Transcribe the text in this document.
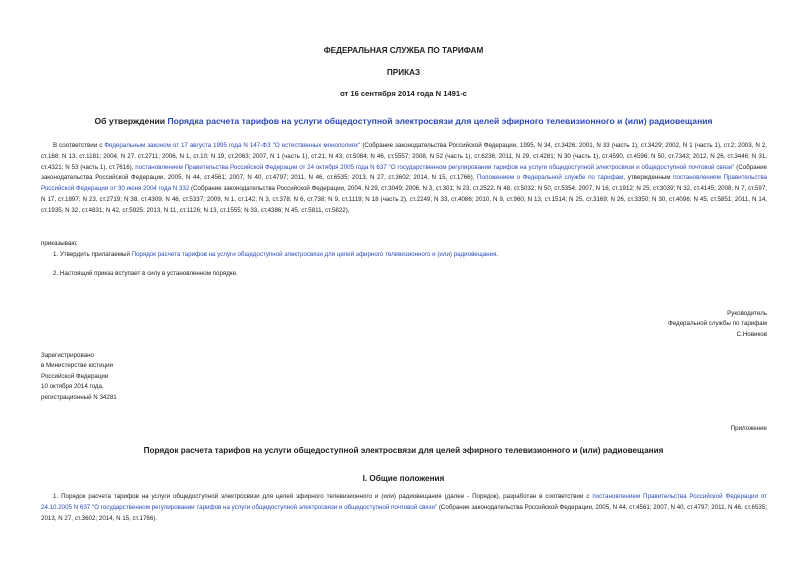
ФЕДЕРАЛЬНАЯ СЛУЖБА ПО ТАРИФАМ
ПРИКАЗ
от 16 сентября 2014 года N 1491-с
Об утверждении Порядка расчета тарифов на услуги общедоступной электросвязи для целей эфирного телевизионного и (или) радиовещания
В соответствии с Федеральным законом от 17 августа 1995 года N 147-ФЗ "О естественных монополиях" (Собрание законодательства Российской Федерации, 1995, N 34, ст.3426; 2001, N 33 (часть 1), ст.3429; 2002, N 1 (часть 1), ст.2; 2003, N 2, ст.168; N 13, ст.1181; 2004, N 27, ст.2711; 2006, N 1, ст.10; N 19, ст.2063; 2007, N 1 (часть 1), ст.21; N 43, ст.5084; N 46, ст.5557; 2008, N 52 (часть 1), ст.6236; 2011, N 29, ст.4281; N 30 (часть 1), ст.4590, ст.4596; N 50, ст.7343; 2012, N 26, ст.3446; N 31, ст.4321; N 53 (часть 1), ст.7616), постановлением Правительства Российской Федерации от 24 октября 2005 года N 637 "О государственном регулировании тарифов на услуги общедоступной электросвязи и общедоступной почтовой связи" (Собрание законодательства Российской Федерации, 2005, N 44, ст.4561; 2007, N 40, ст.4797; 2011, N 46, ст.6535; 2013, N 27, ст.3602; 2014, N 15, ст.1766), Положением о Федеральной службе по тарифам, утвержденным постановлением Правительства Российской Федерации от 30 июня 2004 года N 332 (Собрание законодательства Российской Федерации, 2004, N 29, ст.3049; 2006, N 3, ст.301; N 23, ст.2522; N 48, ст.5032; N 50, ст.5354; 2007, N 16, ст.1912; N 25, ст.3039; N 32, ст.4145; 2008, N 7, ст.597; N 17, ст.1897; N 23, ст.2719; N 38, ст.4309; N 46, ст.5337; 2009, N 1, ст.142; N 3, ст.378; N 6, ст.738; N 9, ст.1119; N 18 (часть 2), ст.2249; N 33, ст.4086; 2010, N 9, ст.960; N 13, ст.1514; N 25, ст.3169; N 26, ст.3350; N 30, ст.4096; N 45, ст.5851; 2011, N 14, ст.1935; N 32, ст.4831; N 42, ст.5925; 2013, N 11, ст.1126; N 13, ст.1555; N 33, ст.4386; N 45, ст.5811, ст.5822),
приказываю:
1. Утвердить прилагаемый Порядок расчета тарифов на услуги общедоступной электросвязи для целей эфирного телевизионного и (или) радиовещания.
2. Настоящий приказ вступает в силу в установленном порядке.
Руководитель
Федеральной службы по тарифам
С.Новиков
Зарегистрировано
в Министерстве юстиции
Российской Федерации
10 октября 2014 года,
регистрационный N 34281
Приложение
Порядок расчета тарифов на услуги общедоступной электросвязи для целей эфирного телевизионного и (или) радиовещания
I. Общие положения
1. Порядок расчета тарифов на услуги общедоступной электросвязи для целей эфирного телевизионного и (или) радиовещания (далее - Порядок), разработан в соответствии с постановлением Правительства Российской Федерации от 24.10.2005 N 637 "О государственном регулировании тарифов на услуги общедоступной электросвязи и общедоступной почтовой связи" (Собрание законодательства Российской Федерации, 2005, N 44, ст.4561; 2007, N 40, ст.4797; 2011, N 46, ст.6535; 2013, N 27, ст.3602; 2014, N 15, ст.1766).
